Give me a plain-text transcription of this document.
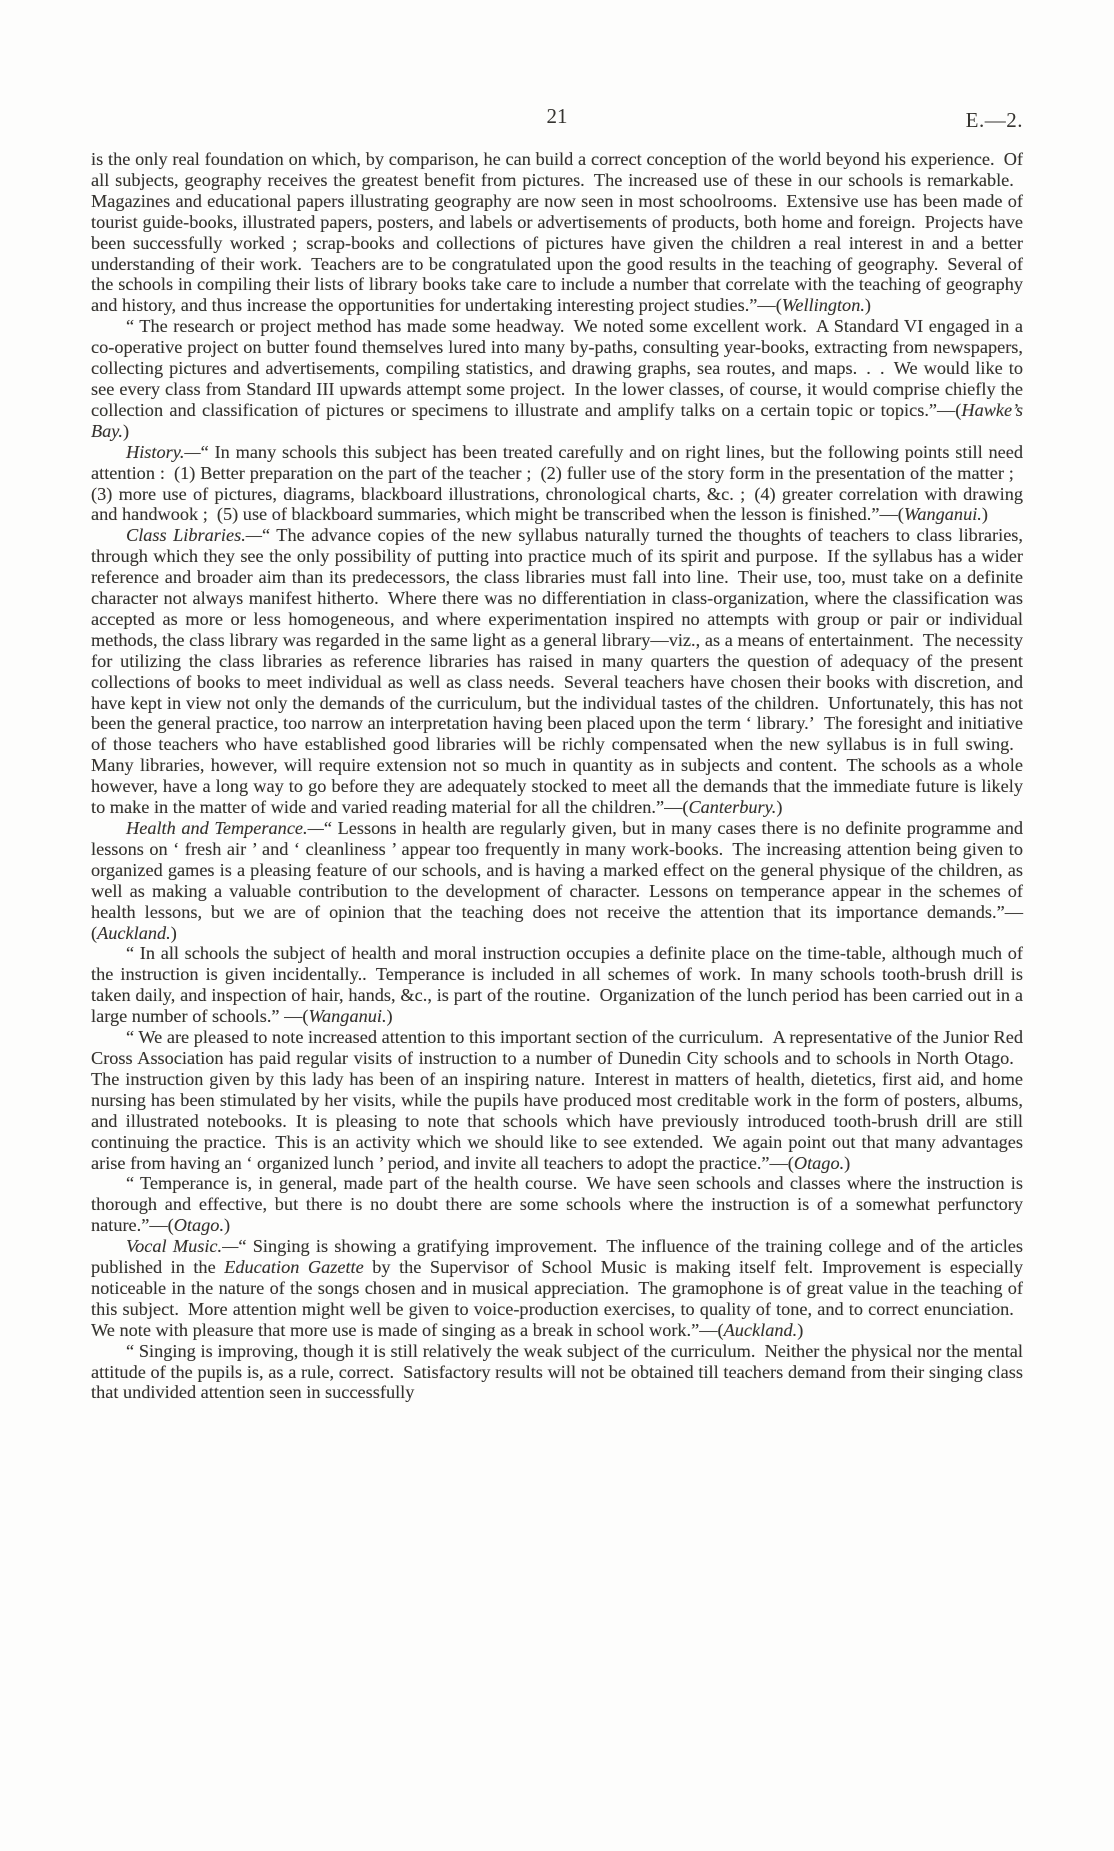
21	E.—2.

is the only real foundation on which, by comparison, he can build a correct conception of the world beyond his experience. Of all subjects, geography receives the greatest benefit from pictures. The increased use of these in our schools is remarkable. Magazines and educational papers illustrating geography are now seen in most schoolrooms. Extensive use has been made of tourist guide-books, illustrated papers, posters, and labels or advertisements of products, both home and foreign. Projects have been successfully worked ; scrap-books and collections of pictures have given the children a real interest in and a better understanding of their work. Teachers are to be congratulated upon the good results in the teaching of geography. Several of the schools in compiling their lists of library books take care to include a number that correlate with the teaching of geography and history, and thus increase the opportunities for undertaking interesting project studies.”—(Wellington.)

“ The research or project method has made some headway. We noted some excellent work. A Standard VI engaged in a co-operative project on butter found themselves lured into many by-paths, consulting year-books, extracting from newspapers, collecting pictures and advertisements, compiling statistics, and drawing graphs, sea routes, and maps. . . We would like to see every class from Standard III upwards attempt some project. In the lower classes, of course, it would comprise chiefly the collection and classification of pictures or specimens to illustrate and amplify talks on a certain topic or topics.”—(Hawke’s Bay.)

History.—“ In many schools this subject has been treated carefully and on right lines, but the following points still need attention : (1) Better preparation on the part of the teacher ; (2) fuller use of the story form in the presentation of the matter ; (3) more use of pictures, diagrams, blackboard illustrations, chronological charts, &c. ; (4) greater correlation with drawing and handwook ; (5) use of blackboard summaries, which might be transcribed when the lesson is finished.”—(Wanganui.)

Class Libraries.—“ The advance copies of the new syllabus naturally turned the thoughts of teachers to class libraries, through which they see the only possibility of putting into practice much of its spirit and purpose. If the syllabus has a wider reference and broader aim than its predecessors, the class libraries must fall into line. Their use, too, must take on a definite character not always manifest hitherto. Where there was no differentiation in class-organization, where the classification was accepted as more or less homogeneous, and where experimentation inspired no attempts with group or pair or individual methods, the class library was regarded in the same light as a general library—viz., as a means of entertainment. The necessity for utilizing the class libraries as reference libraries has raised in many quarters the question of adequacy of the present collections of books to meet individual as well as class needs. Several teachers have chosen their books with discretion, and have kept in view not only the demands of the curriculum, but the individual tastes of the children. Unfortunately, this has not been the general practice, too narrow an interpretation having been placed upon the term ‘ library.’ The foresight and initiative of those teachers who have established good libraries will be richly compensated when the new syllabus is in full swing. Many libraries, however, will require extension not so much in quantity as in subjects and content. The schools as a whole however, have a long way to go before they are adequately stocked to meet all the demands that the immediate future is likely to make in the matter of wide and varied reading material for all the children.”—(Canterbury.)

Health and Temperance.—“ Lessons in health are regularly given, but in many cases there is no definite programme and lessons on ‘ fresh air ’ and ‘ cleanliness ’ appear too frequently in many work-books. The increasing attention being given to organized games is a pleasing feature of our schools, and is having a marked effect on the general physique of the children, as well as making a valuable contribution to the development of character. Lessons on temperance appear in the schemes of health lessons, but we are of opinion that the teaching does not receive the attention that its importance demands.”—(Auckland.)

“ In all schools the subject of health and moral instruction occupies a definite place on the time-table, although much of the instruction is given incidentally.. Temperance is included in all schemes of work. In many schools tooth-brush drill is taken daily, and inspection of hair, hands, &c., is part of the routine. Organization of the lunch period has been carried out in a large number of schools.” —(Wanganui.)

“ We are pleased to note increased attention to this important section of the curriculum. A representative of the Junior Red Cross Association has paid regular visits of instruction to a number of Dunedin City schools and to schools in North Otago. The instruction given by this lady has been of an inspiring nature. Interest in matters of health, dietetics, first aid, and home nursing has been stimulated by her visits, while the pupils have produced most creditable work in the form of posters, albums, and illustrated notebooks. It is pleasing to note that schools which have previously introduced tooth-brush drill are still continuing the practice. This is an activity which we should like to see extended. We again point out that many advantages arise from having an ‘ organized lunch ’ period, and invite all teachers to adopt the practice.”—(Otago.)

“ Temperance is, in general, made part of the health course. We have seen schools and classes where the instruction is thorough and effective, but there is no doubt there are some schools where the instruction is of a somewhat perfunctory nature.”—(Otago.)

Vocal Music.—“ Singing is showing a gratifying improvement. The influence of the training college and of the articles published in the Education Gazette by the Supervisor of School Music is making itself felt. Improvement is especially noticeable in the nature of the songs chosen and in musical appreciation. The gramophone is of great value in the teaching of this subject. More attention might well be given to voice-production exercises, to quality of tone, and to correct enunciation. We note with pleasure that more use is made of singing as a break in school work.”—(Auckland.)

“ Singing is improving, though it is still relatively the weak subject of the curriculum. Neither the physical nor the mental attitude of the pupils is, as a rule, correct. Satisfactory results will not be obtained till teachers demand from their singing class that undivided attention seen in successfully
